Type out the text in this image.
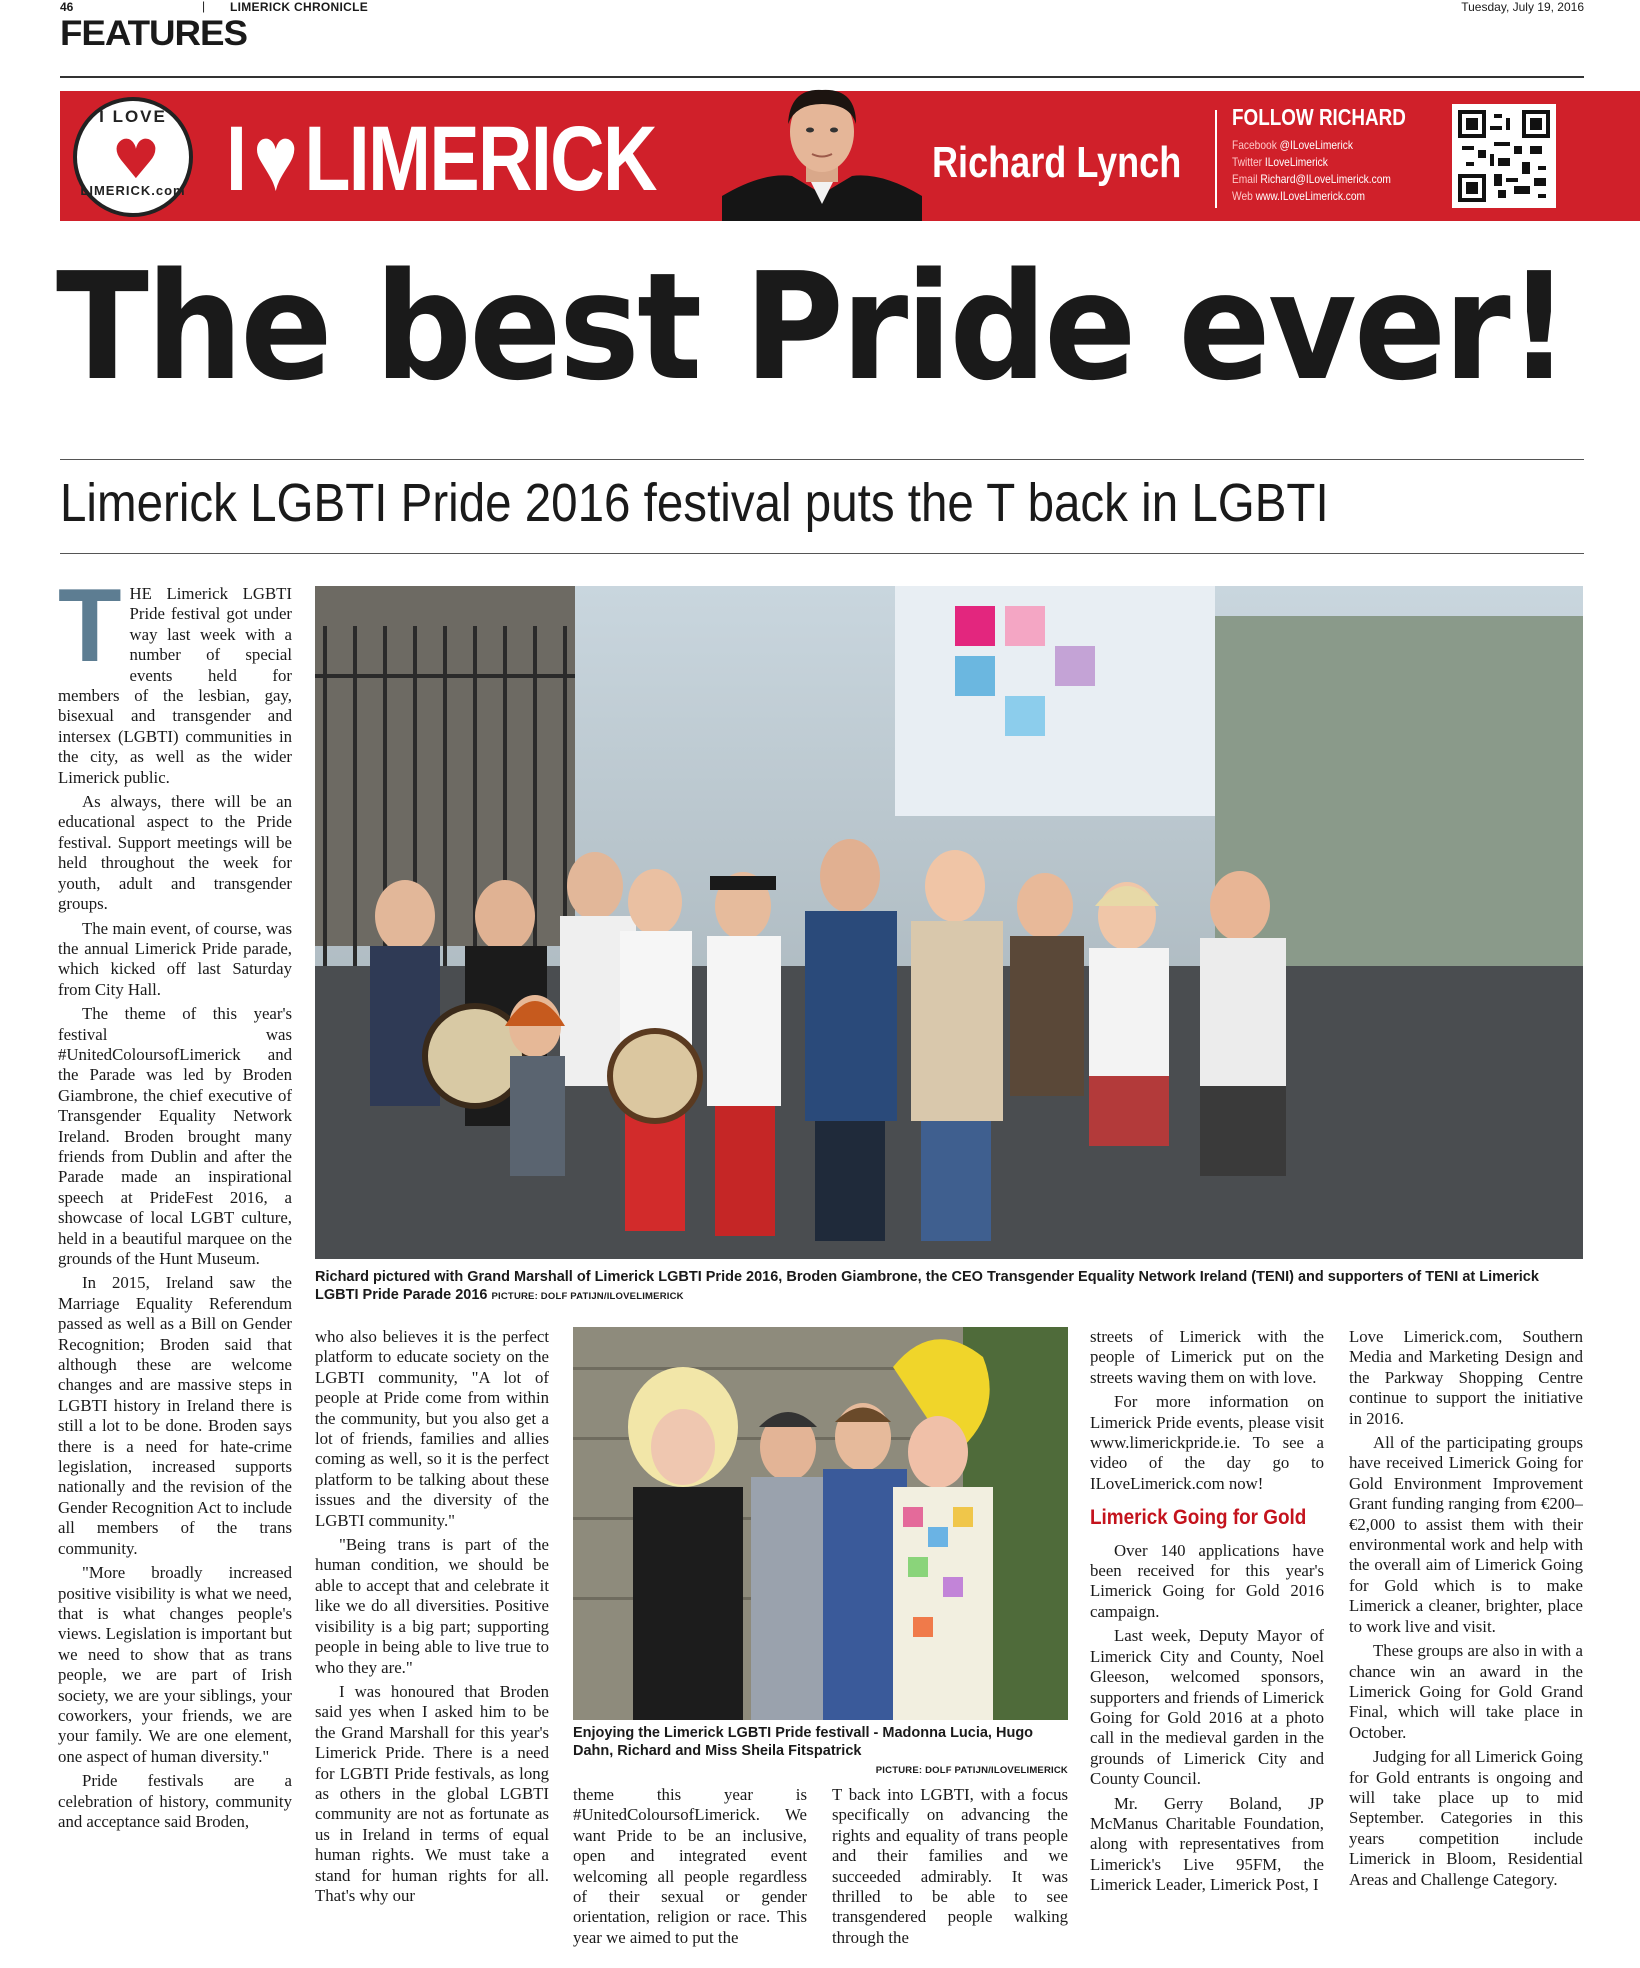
46	| LIMERICK CHRONICLE	Tuesday, July 19, 2016
FEATURES
I LOVE
♥
LIMERICK.com I♥LIMERICK	Richard Lynch
FOLLOW RICHARD
Facebook @ILoveLimerick
Twitter ILoveLimerick
Email Richard@ILoveLimerick.com
Web www.ILoveLimerick.com
The best Pride ever!
Limerick LGBTI Pride 2016 festival puts the T back in LGBTI

THE Limerick LGBTI Pride festival got under way last week with a number of special events held for members of the lesbian, gay, bisexual and transgender and intersex (LGBTI) communities in the city, as well as the wider Limerick public.

As always, there will be an educational aspect to the Pride festival. Support meetings will be held throughout the week for youth, adult and transgender groups.

The main event, of course, was the annual Limerick Pride parade, which kicked off last Saturday from City Hall.

The theme of this year's festival was #UnitedColoursofLimerick and the Parade was led by Broden Giambrone, the chief executive of Transgender Equality Network Ireland. Broden brought many friends from Dublin and after the Parade made an inspirational speech at PrideFest 2016, a showcase of local LGBT culture, held in a beautiful marquee on the grounds of the Hunt Museum.

In 2015, Ireland saw the Marriage Equality Referendum passed as well as a Bill on Gender Recognition; Broden said that although these are welcome changes and are massive steps in LGBTI history in Ireland there is still a lot to be done. Broden says there is a need for hate-crime legislation, increased supports nationally and the revision of the Gender Recognition Act to include all members of the trans community.

"More broadly increased positive visibility is what we need, that is what changes people's views. Legislation is important but we need to show that as trans people, we are part of Irish society, we are your siblings, your coworkers, your friends, we are your family. We are one element, one aspect of human diversity."

Pride festivals are a celebration of history, community and acceptance said Broden,

Richard pictured with Grand Marshall of Limerick LGBTI Pride 2016, Broden Giambrone, the CEO Transgender Equality Network Ireland (TENI) and supporters of TENI at Limerick LGBTI Pride Parade 2016 PICTURE: DOLF PATIJN/ILOVELIMERICK

who also believes it is the perfect platform to educate society on the LGBTI community, "A lot of people at Pride come from within the community, but you also get a lot of friends, families and allies coming as well, so it is the perfect platform to be talking about these issues and the diversity of the LGBTI community."

"Being trans is part of the human condition, we should be able to accept that and celebrate it like we do all diversities. Positive visibility is a big part; supporting people in being able to live true to who they are."

I was honoured that Broden said yes when I asked him to be the Grand Marshall for this year's Limerick Pride. There is a need for LGBTI Pride festivals, as long as others in the global LGBTI community are not as fortunate as us in Ireland in terms of equal human rights. We must take a stand for human rights for all. That's why our

Enjoying the Limerick LGBTI Pride festivall - Madonna Lucia, Hugo Dahn, Richard and Miss Sheila Fitspatrick
PICTURE: DOLF PATIJN/ILOVELIMERICK

theme this year is #UnitedColoursofLimerick. We want Pride to be an inclusive, open and integrated event welcoming all people regardless of their sexual or gender orientation, religion or race. This year we aimed to put the

T back into LGBTI, with a focus specifically on advancing the rights and equality of trans people and their families and we succeeded admirably. It was thrilled to be able to see transgendered people walking through the

streets of Limerick with the people of Limerick put on the streets waving them on with love.

For more information on Limerick Pride events, please visit www.limerickpride.ie. To see a video of the day go to ILoveLimerick.com now!

Limerick Going for Gold

Over 140 applications have been received for this year's Limerick Going for Gold 2016 campaign.

Last week, Deputy Mayor of Limerick City and County, Noel Gleeson, welcomed sponsors, supporters and friends of Limerick Going for Gold 2016 at a photo call in the medieval garden in the grounds of Limerick City and County Council.

Mr. Gerry Boland, JP McManus Charitable Foundation, along with representatives from Limerick's Live 95FM, the Limerick Leader, Limerick Post, I

Love Limerick.com, Southern Media and Marketing Design and the Parkway Shopping Centre continue to support the initiative in 2016.

All of the participating groups have received Limerick Going for Gold Environment Improvement Grant funding ranging from €200–€2,000 to assist them with their environmental work and help with the overall aim of Limerick Going for Gold which is to make Limerick a cleaner, brighter, place to work live and visit.

These groups are also in with a chance win an award in the Limerick Going for Gold Grand Final, which will take place in October.

Judging for all Limerick Going for Gold entrants is ongoing and will take place up to mid September. Categories in this years competition include Limerick in Bloom, Residential Areas and Challenge Category.
